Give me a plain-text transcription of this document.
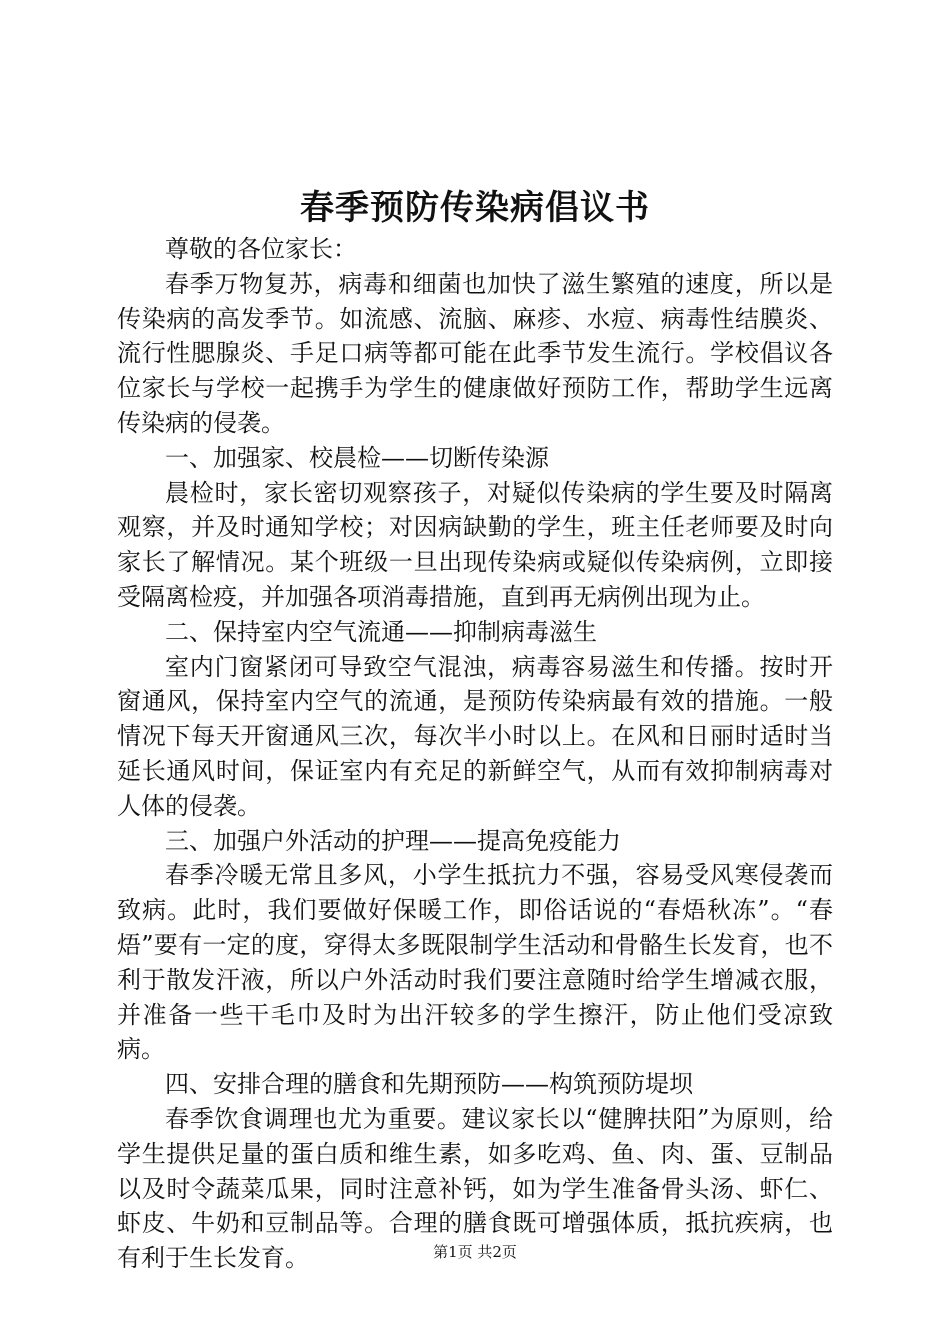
春季预防传染病倡议书

尊敬的各位家长：

春季万物复苏，病毒和细菌也加快了滋生繁殖的速度，所以是传染病的高发季节。如流感、流脑、麻疹、水痘、病毒性结膜炎、流行性腮腺炎、手足口病等都可能在此季节发生流行。学校倡议各位家长与学校一起携手为学生的健康做好预防工作，帮助学生远离传染病的侵袭。

一、加强家、校晨检——切断传染源

晨检时，家长密切观察孩子，对疑似传染病的学生要及时隔离观察，并及时通知学校；对因病缺勤的学生，班主任老师要及时向家长了解情况。某个班级一旦出现传染病或疑似传染病例，立即接受隔离检疫，并加强各项消毒措施，直到再无病例出现为止。

二、保持室内空气流通——抑制病毒滋生

室内门窗紧闭可导致空气混浊，病毒容易滋生和传播。按时开窗通风，保持室内空气的流通，是预防传染病最有效的措施。一般情况下每天开窗通风三次，每次半小时以上。在风和日丽时适时当延长通风时间，保证室内有充足的新鲜空气，从而有效抑制病毒对人体的侵袭。

三、加强户外活动的护理——提高免疫能力

春季冷暖无常且多风，小学生抵抗力不强，容易受风寒侵袭而致病。此时，我们要做好保暖工作，即俗话说的“春焐秋冻”。“春焐”要有一定的度，穿得太多既限制学生活动和骨骼生长发育，也不利于散发汗液，所以户外活动时我们要注意随时给学生增减衣服，并准备一些干毛巾及时为出汗较多的学生擦汗，防止他们受凉致病。

四、安排合理的膳食和先期预防——构筑预防堤坝

春季饮食调理也尤为重要。建议家长以“健脾扶阳”为原则，给学生提供足量的蛋白质和维生素，如多吃鸡、鱼、肉、蛋、豆制品以及时令蔬菜瓜果，同时注意补钙，如为学生准备骨头汤、虾仁、虾皮、牛奶和豆制品等。合理的膳食既可增强体质，抵抗疾病，也有利于生长发育。	第1页 共2页
